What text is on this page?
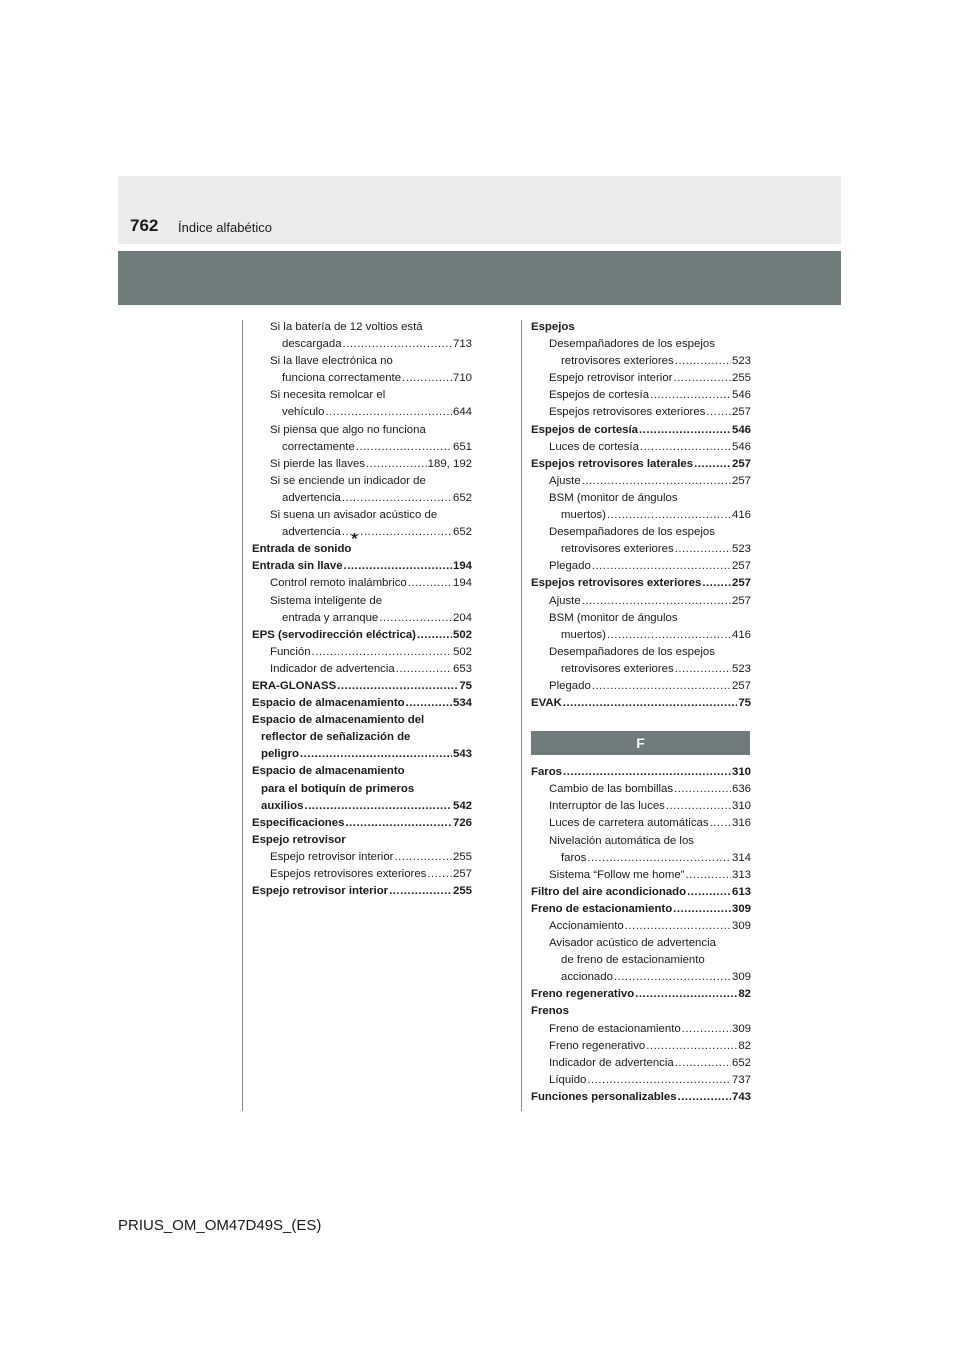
762 Índice alfabético
Si la batería de 12 voltios está
descargada .....	713
Si la llave electrónica no
funciona correctamente .....	710
Si necesita remolcar el
vehículo .....	644
Si piensa que algo no funciona
correctamente .....	651
Si pierde las llaves .....	189, 192
Si se enciende un indicador de
advertencia .....	652
Si suena un avisador acústico de
advertencia .....	652
Entrada de sonido
*
Entrada sin llave .....	194
Control remoto inalámbrico .....	194
Sistema inteligente de
entrada y arranque .....	204
EPS (servodirección eléctrica) .....	502
Función .....	502
Indicador de advertencia .....	653
ERA-GLONASS .....	75
Espacio de almacenamiento .....	534
Espacio de almacenamiento del
reflector de señalización de
peligro .....	543
Espacio de almacenamiento
para el botiquín de primeros
auxilios .....	542
Especificaciones .....	726
Espejo retrovisor
Espejo retrovisor interior .....	255
Espejos retrovisores exteriores ..... 257
Espejo retrovisor interior .....	255
Espejos
Desempañadores de los espejos
retrovisores exteriores .....	523
Espejo retrovisor interior .....	255
Espejos de cortesía .....	546
Espejos retrovisores exteriores ..... 257
Espejos de cortesía .....	546
Luces de cortesía .....	546
Espejos retrovisores laterales .....	257
Ajuste .....	257
BSM (monitor de ángulos
muertos) .....	416
Desempañadores de los espejos
retrovisores exteriores .....	523
Plegado .....	257
Espejos retrovisores exteriores .....	257
Ajuste .....	257
BSM (monitor de ángulos
muertos) .....	416
Desempañadores de los espejos
retrovisores exteriores .....	523
Plegado .....	257
EVAK .....	75
F
Faros .....	310
Cambio de las bombillas .....	636
Interruptor de las luces .....	310
Luces de carretera automáticas ..... 316
Nivelación automática de los
faros .....	314
Sistema “Follow me home” .....	313
Filtro del aire acondicionado .....	613
Freno de estacionamiento .....	309
Accionamiento .....	309
Avisador acústico de advertencia
de freno de estacionamiento
accionado .....	309
Freno regenerativo .....	82
Frenos
Freno de estacionamiento .....	309
Freno regenerativo .....	82
Indicador de advertencia .....	652
Líquido .....	737
Funciones personalizables .....	743
PRIUS_OM_OM47D49S_(ES)
